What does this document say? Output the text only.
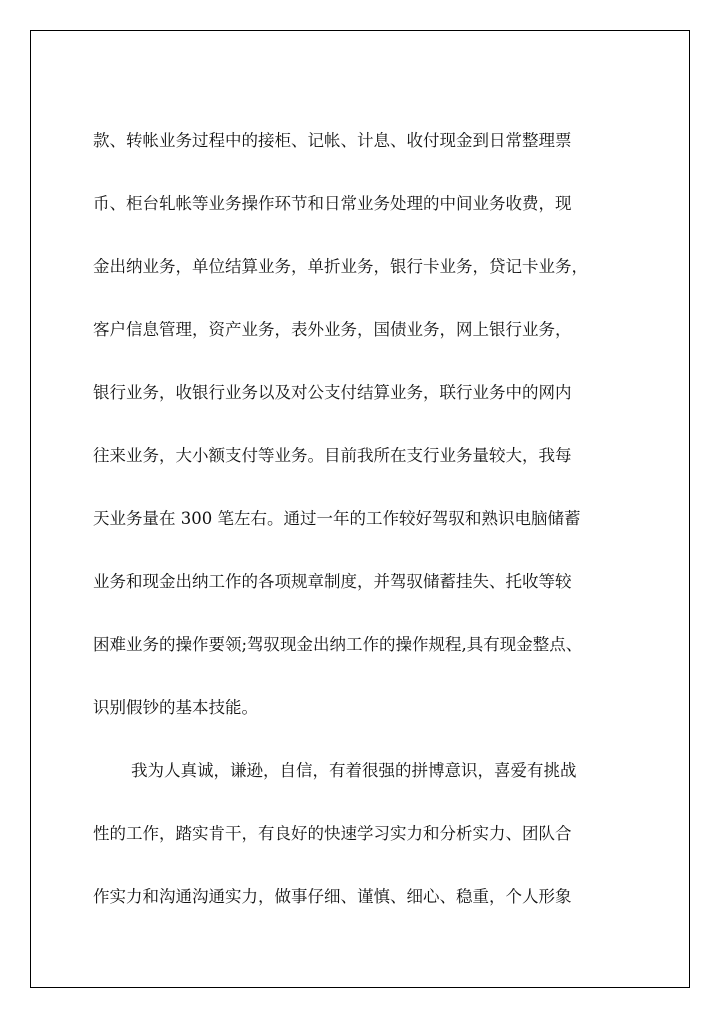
款、转帐业务过程中的接柜、记帐、计息、收付现金到日常整理票
币、柜台轧帐等业务操作环节和日常业务处理的中间业务收费，现
金出纳业务，单位结算业务，单折业务，银行卡业务，贷记卡业务，
客户信息管理，资产业务，表外业务，国债业务，网上银行业务，
银行业务，收银行业务以及对公支付结算业务，联行业务中的网内
往来业务，大小额支付等业务。目前我所在支行业务量较大，我每
天业务量在 300 笔左右。通过一年的工作较好驾驭和熟识电脑储蓄
业务和现金出纳工作的各项规章制度，并驾驭储蓄挂失、托收等较
困难业务的操作要领;驾驭现金出纳工作的操作规程,具有现金整点、
识别假钞的基本技能。
我为人真诚，谦逊，自信，有着很强的拼博意识，喜爱有挑战
性的工作，踏实肯干，有良好的快速学习实力和分析实力、团队合
作实力和沟通沟通实力，做事仔细、谨慎、细心、稳重，个人形象
